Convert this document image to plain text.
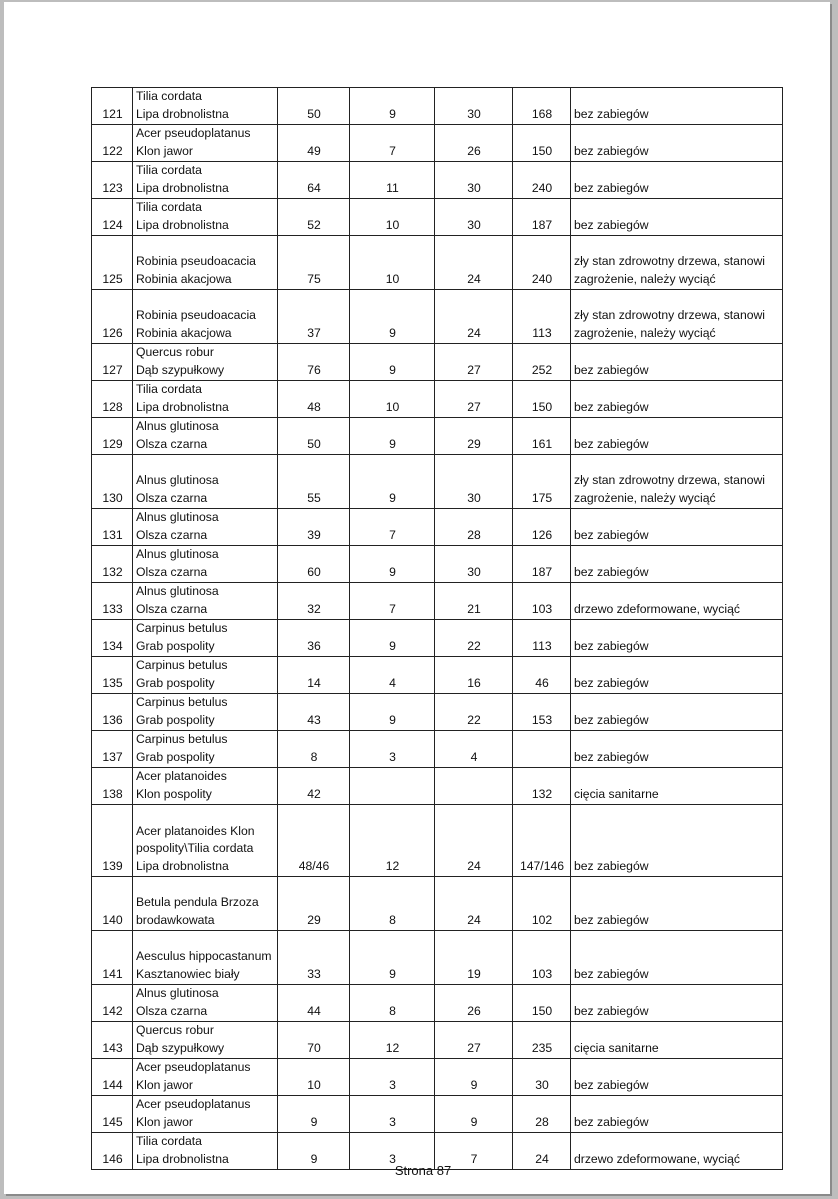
121	Tilia cordata
Lipa drobnolistna	50	9	30	168	bez zabiegów
122	Acer pseudoplatanus
Klon jawor	49	7	26	150	bez zabiegów
123	Tilia cordata
Lipa drobnolistna	64	11	30	240	bez zabiegów
124	Tilia cordata
Lipa drobnolistna	52	10	30	187	bez zabiegów
125	Robinia pseudoacacia
Robinia akacjowa	75	10	24	240	zły stan zdrowotny drzewa, stanowi zagrożenie, należy wyciąć
126	Robinia pseudoacacia
Robinia akacjowa	37	9	24	113	zły stan zdrowotny drzewa, stanowi zagrożenie, należy wyciąć
127	Quercus robur
Dąb szypułkowy	76	9	27	252	bez zabiegów
128	Tilia cordata
Lipa drobnolistna	48	10	27	150	bez zabiegów
129	Alnus glutinosa
Olsza czarna	50	9	29	161	bez zabiegów
130	Alnus glutinosa
Olsza czarna	55	9	30	175	zły stan zdrowotny drzewa, stanowi zagrożenie, należy wyciąć
131	Alnus glutinosa
Olsza czarna	39	7	28	126	bez zabiegów
132	Alnus glutinosa
Olsza czarna	60	9	30	187	bez zabiegów
133	Alnus glutinosa
Olsza czarna	32	7	21	103	drzewo zdeformowane, wyciąć
134	Carpinus betulus
Grab pospolity	36	9	22	113	bez zabiegów
135	Carpinus betulus
Grab pospolity	14	4	16	46	bez zabiegów
136	Carpinus betulus
Grab pospolity	43	9	22	153	bez zabiegów
137	Carpinus betulus
Grab pospolity	8	3	4		bez zabiegów
138	Acer platanoides
Klon pospolity	42			132	cięcia sanitarne
139	Acer platanoides Klon pospolity\Tilia cordata
Lipa drobnolistna	48/46	12	24	147/146	bez zabiegów
140	Betula pendula Brzoza
brodawkowata	29	8	24	102	bez zabiegów
141	Aesculus hippocastanum
Kasztanowiec biały	33	9	19	103	bez zabiegów
142	Alnus glutinosa
Olsza czarna	44	8	26	150	bez zabiegów
143	Quercus robur
Dąb szypułkowy	70	12	27	235	cięcia sanitarne
144	Acer pseudoplatanus
Klon jawor	10	3	9	30	bez zabiegów
145	Acer pseudoplatanus
Klon jawor	9	3	9	28	bez zabiegów
146	Tilia cordata
Lipa drobnolistna	9	3	7	24	drzewo zdeformowane, wyciąć
Strona 87
